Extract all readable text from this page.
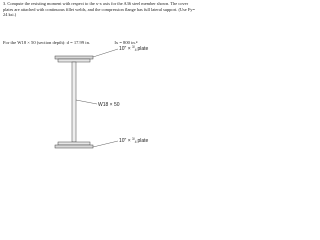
3. Compute the resisting moment with respect to the x-x axis for the A36 steel member shown. The cover plates are attached with continuous fillet welds, and the compression flange has full lateral support. (Use Fy= 24 ksi.)

For the W18 × 50 (section depth): d = 17.99 in.	Ix = 800 in.⁴

10" × $^3/_4plate$
W18 × 50
10" × $^3/_4plate$
